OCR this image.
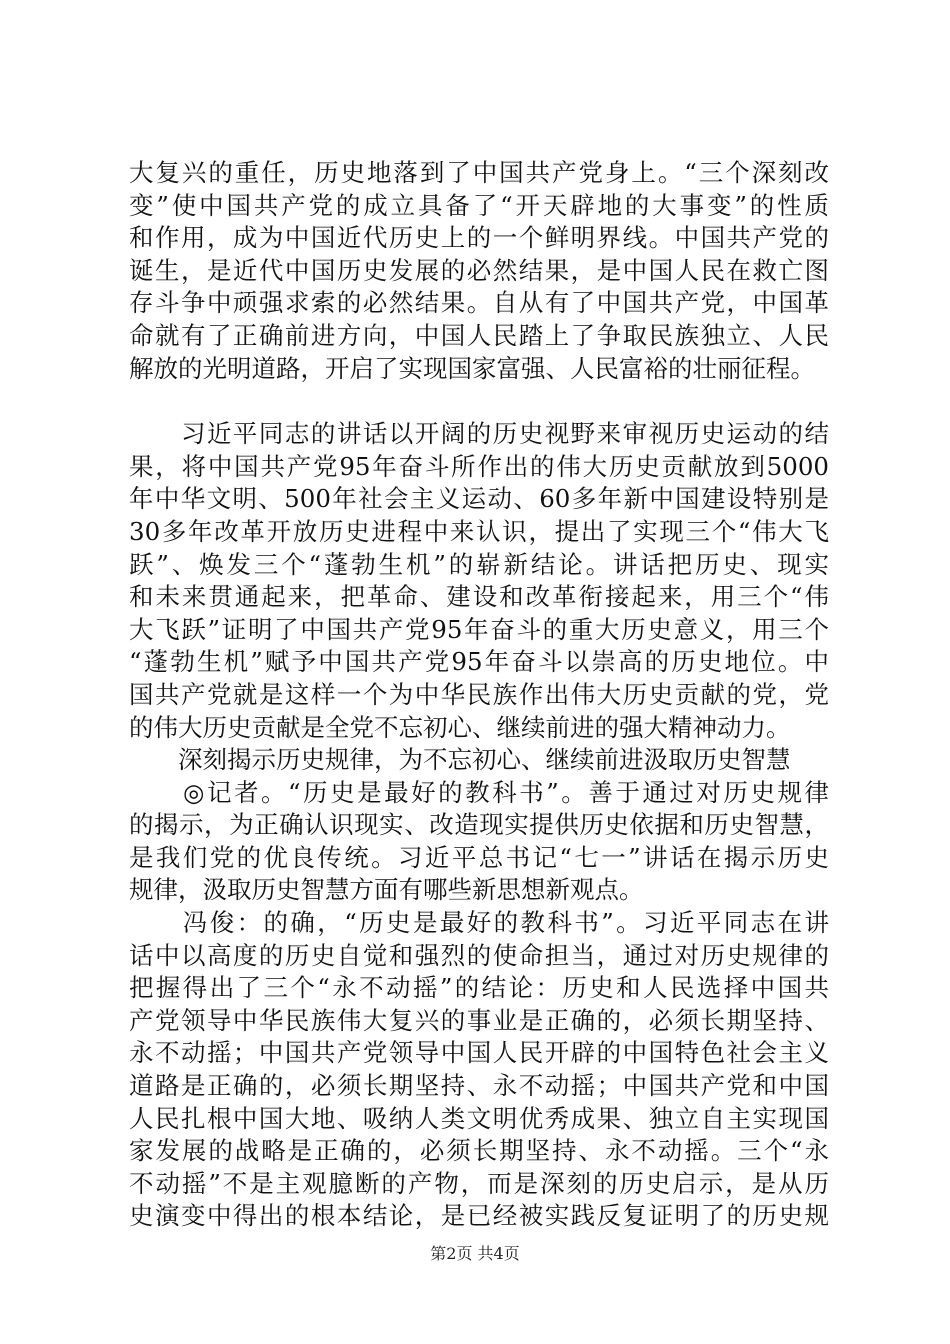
大复兴的重任，历史地落到了中国共产党身上。“三个深刻改
变”使中国共产党的成立具备了“开天辟地的大事变”的性质
和作用，成为中国近代历史上的一个鲜明界线。中国共产党的
诞生，是近代中国历史发展的必然结果，是中国人民在救亡图
存斗争中顽强求索的必然结果。自从有了中国共产党，中国革
命就有了正确前进方向，中国人民踏上了争取民族独立、人民
解放的光明道路，开启了实现国家富强、人民富裕的壮丽征程。
　　习近平同志的讲话以开阔的历史视野来审视历史运动的结
果，将中国共产党95年奋斗所作出的伟大历史贡献放到5000
年中华文明、500年社会主义运动、60多年新中国建设特别是
30多年改革开放历史进程中来认识，提出了实现三个“伟大飞
跃”、焕发三个“蓬勃生机”的崭新结论。讲话把历史、现实
和未来贯通起来，把革命、建设和改革衔接起来，用三个“伟
大飞跃”证明了中国共产党95年奋斗的重大历史意义，用三个
“蓬勃生机”赋予中国共产党95年奋斗以崇高的历史地位。中
国共产党就是这样一个为中华民族作出伟大历史贡献的党，党
的伟大历史贡献是全党不忘初心、继续前进的强大精神动力。
　　深刻揭示历史规律，为不忘初心、继续前进汲取历史智慧
　　◎记者。“历史是最好的教科书”。善于通过对历史规律
的揭示，为正确认识现实、改造现实提供历史依据和历史智慧，
是我们党的优良传统。习近平总书记“七一”讲话在揭示历史
规律，汲取历史智慧方面有哪些新思想新观点。
　　冯俊：的确，“历史是最好的教科书”。习近平同志在讲
话中以高度的历史自觉和强烈的使命担当，通过对历史规律的
把握得出了三个“永不动摇”的结论：历史和人民选择中国共
产党领导中华民族伟大复兴的事业是正确的，必须长期坚持、
永不动摇；中国共产党领导中国人民开辟的中国特色社会主义
道路是正确的，必须长期坚持、永不动摇；中国共产党和中国
人民扎根中国大地、吸纳人类文明优秀成果、独立自主实现国
家发展的战略是正确的，必须长期坚持、永不动摇。三个“永
不动摇”不是主观臆断的产物，而是深刻的历史启示，是从历
史演变中得出的根本结论，是已经被实践反复证明了的历史规
第2页 共4页
